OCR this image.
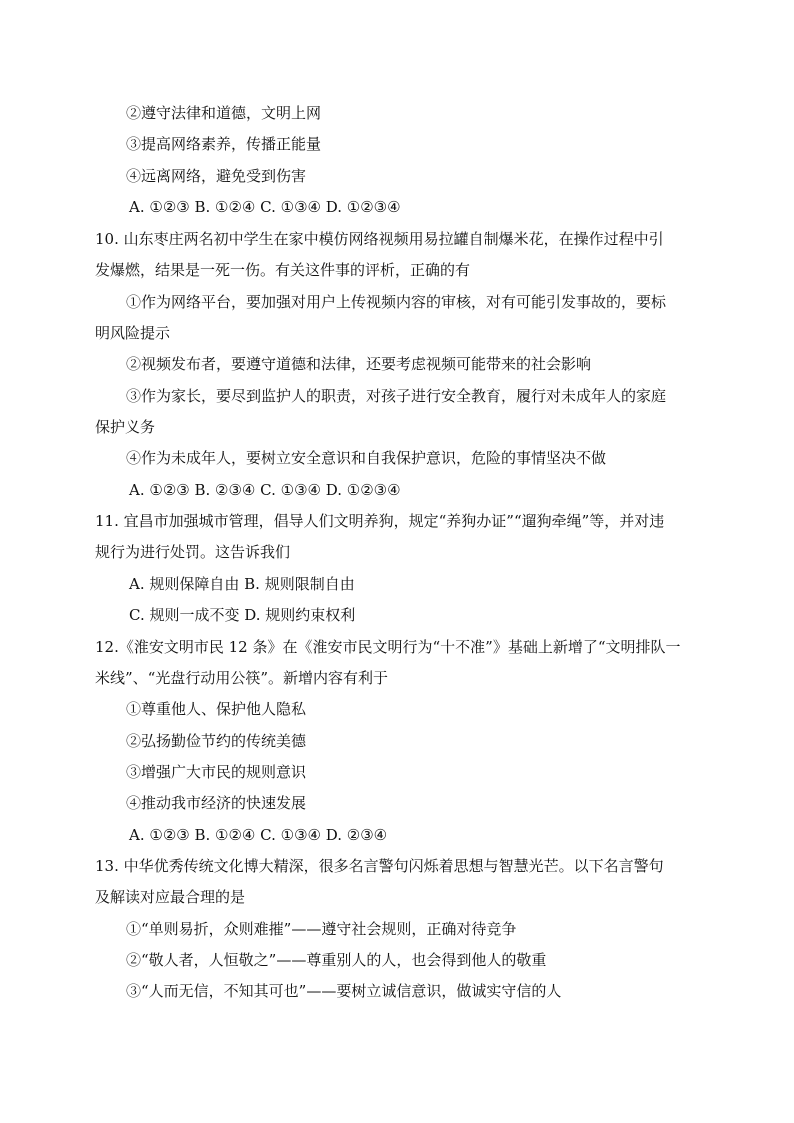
②遵守法律和道德，文明上网
③提高网络素养，传播正能量
④远离网络，避免受到伤害
A. ①②③ B. ①②④ C. ①③④ D. ①②③④
10. 山东枣庄两名初中学生在家中模仿网络视频用易拉罐自制爆米花，在操作过程中引
发爆燃，结果是一死一伤。有关这件事的评析，正确的有
①作为网络平台，要加强对用户上传视频内容的审核，对有可能引发事故的，要标
明风险提示
②视频发布者，要遵守道德和法律，还要考虑视频可能带来的社会影响
③作为家长，要尽到监护人的职责，对孩子进行安全教育，履行对未成年人的家庭
保护义务
④作为未成年人，要树立安全意识和自我保护意识，危险的事情坚决不做
A. ①②③ B. ②③④ C. ①③④ D. ①②③④
11. 宜昌市加强城市管理，倡导人们文明养狗，规定“养狗办证”“遛狗牵绳”等，并对违
规行为进行处罚。这告诉我们
A. 规则保障自由 B. 规则限制自由
C. 规则一成不变 D. 规则约束权利
12.《淮安文明市民 12 条》在《淮安市民文明行为“十不准”》基础上新增了“文明排队一
米线”、“光盘行动用公筷”。新增内容有利于
①尊重他人、保护他人隐私
②弘扬勤俭节约的传统美德
③增强广大市民的规则意识
④推动我市经济的快速发展
A. ①②③ B. ①②④ C. ①③④ D. ②③④
13. 中华优秀传统文化博大精深，很多名言警句闪烁着思想与智慧光芒。以下名言警句
及解读对应最合理的是
①“单则易折，众则难摧”——遵守社会规则，正确对待竞争
②“敬人者，人恒敬之”——尊重别人的人，也会得到他人的敬重
③“人而无信，不知其可也”——要树立诚信意识，做诚实守信的人
